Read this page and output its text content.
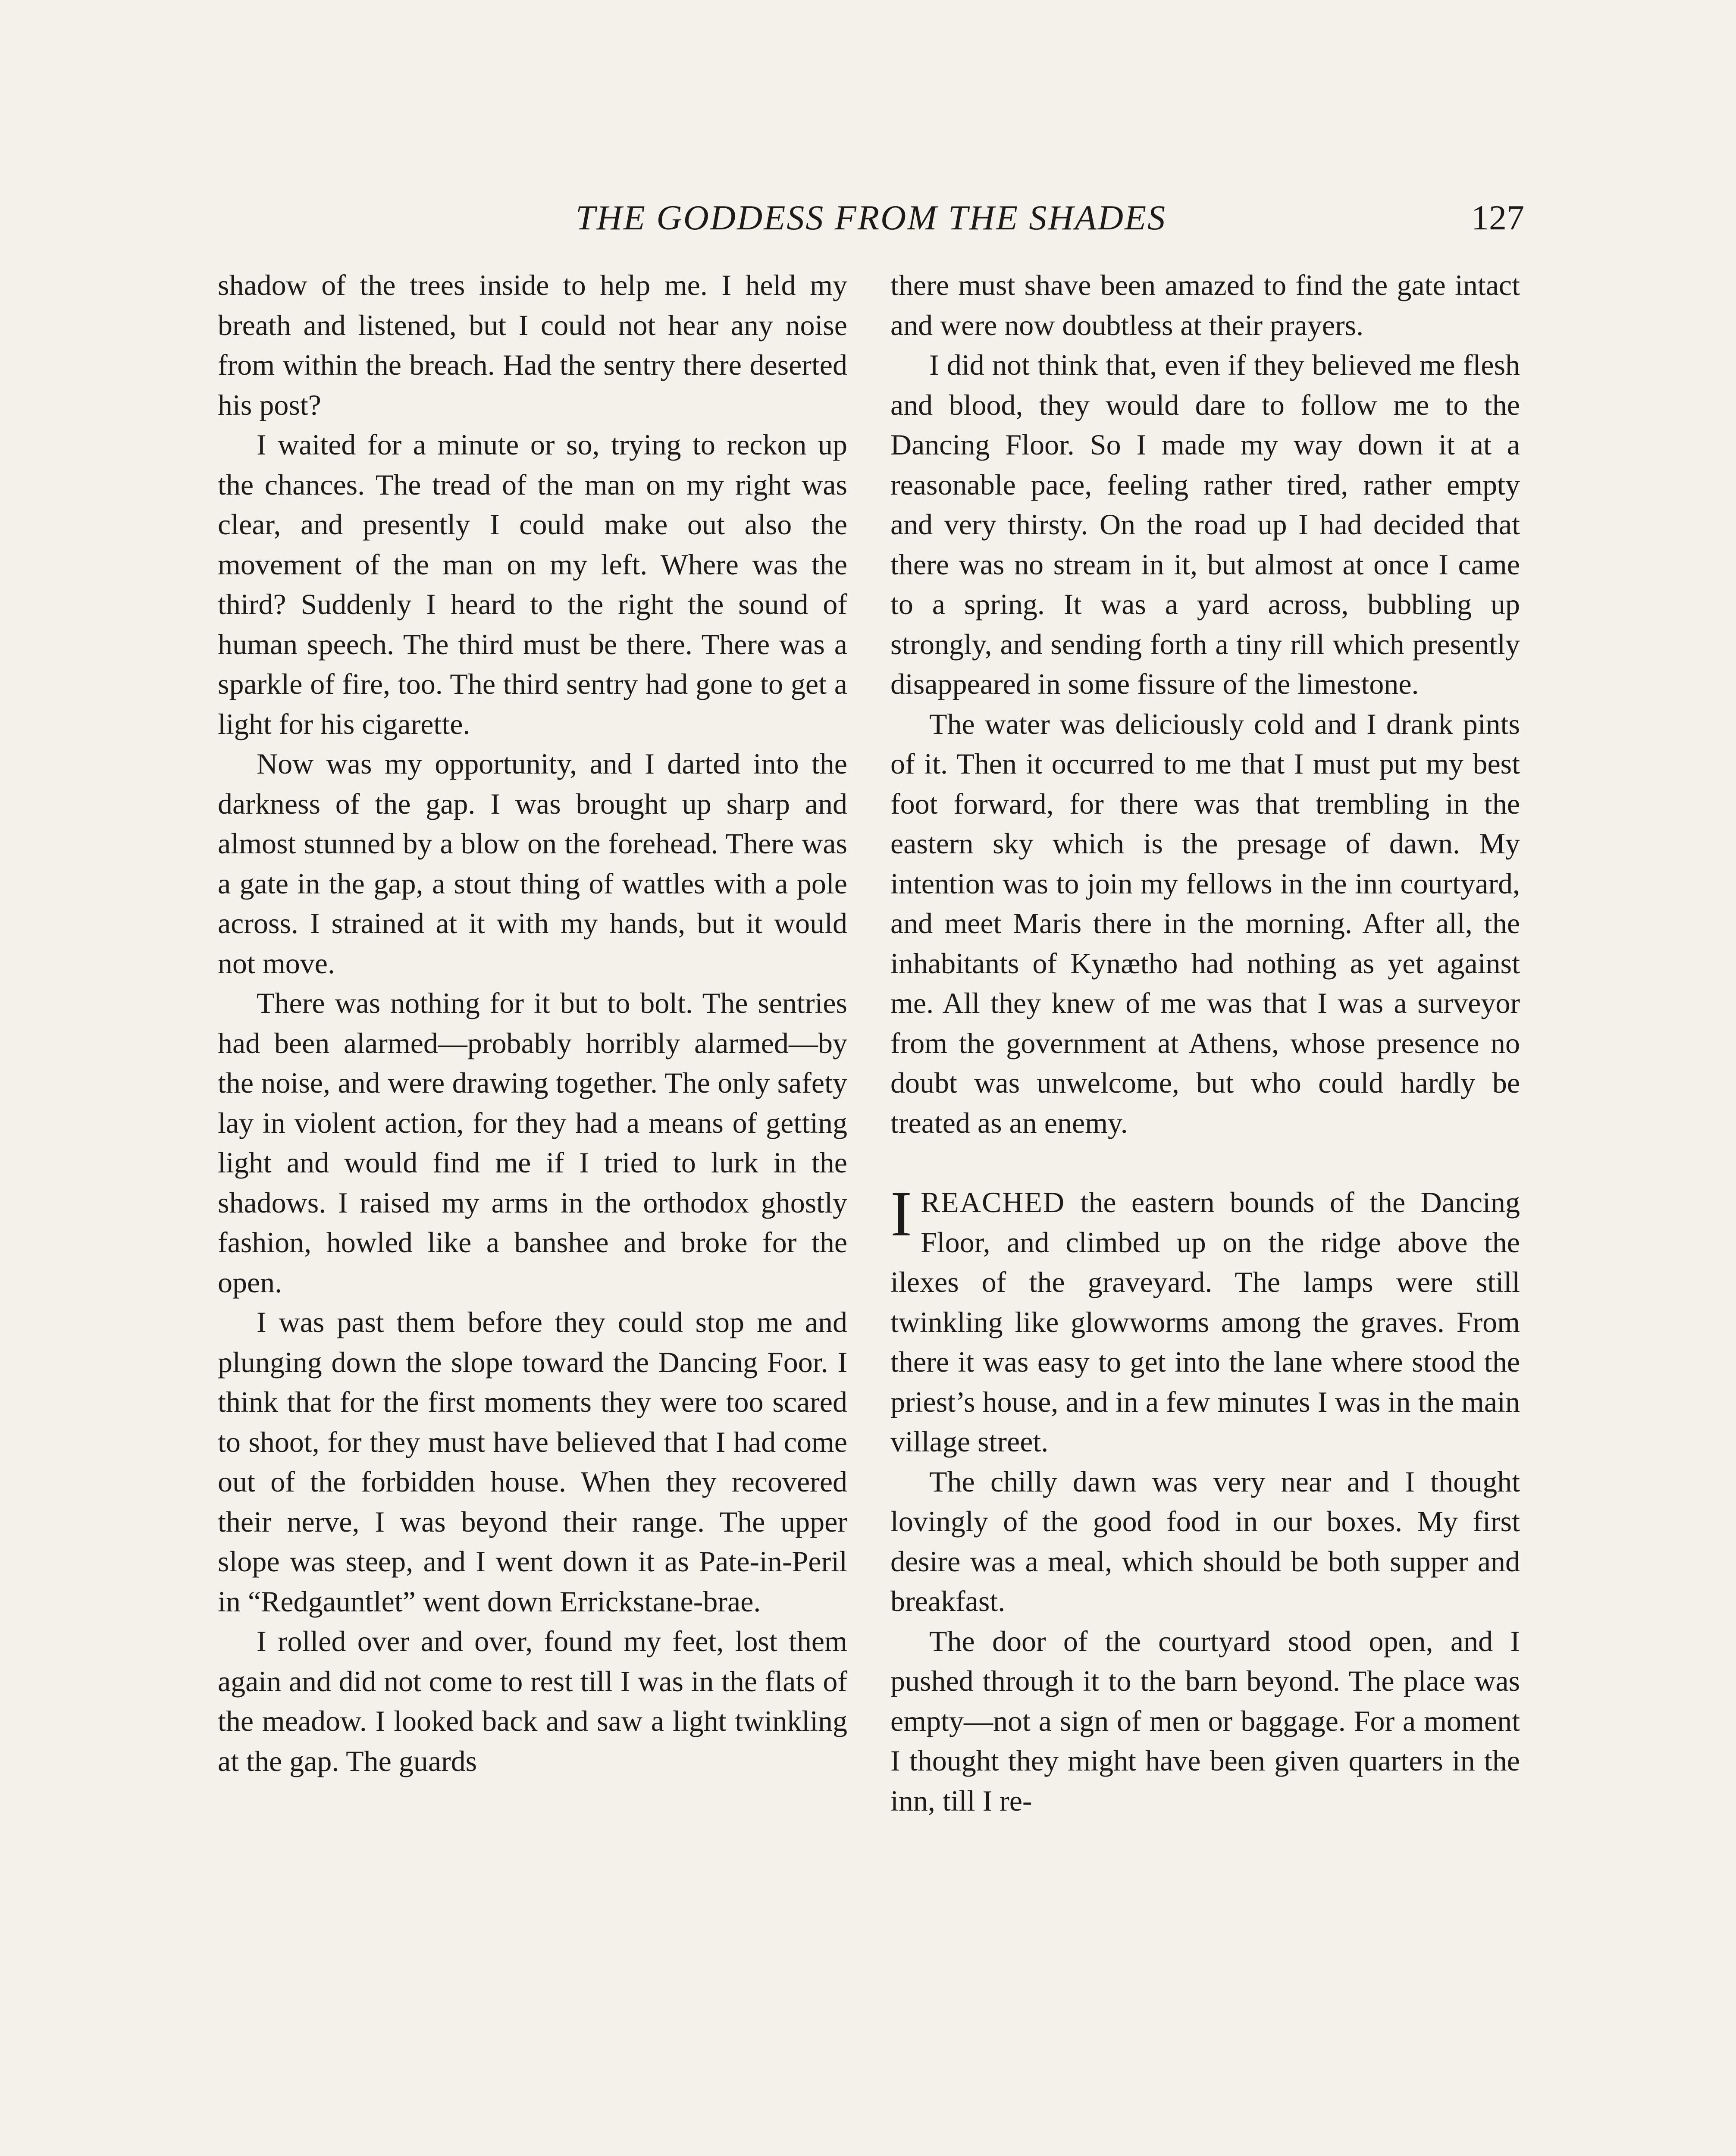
THE GODDESS FROM THE SHADES	127

shadow of the trees inside to help me. I held my breath and listened, but I could not hear any noise from within the breach. Had the sentry there deserted his post?

I waited for a minute or so, trying to reckon up the chances. The tread of the man on my right was clear, and presently I could make out also the movement of the man on my left. Where was the third? Suddenly I heard to the right the sound of human speech. The third must be there. There was a sparkle of fire, too. The third sentry had gone to get a light for his cigarette.

Now was my opportunity, and I darted into the darkness of the gap. I was brought up sharp and almost stunned by a blow on the forehead. There was a gate in the gap, a stout thing of wattles with a pole across. I strained at it with my hands, but it would not move.

There was nothing for it but to bolt. The sentries had been alarmed—probably horribly alarmed—by the noise, and were drawing together. The only safety lay in violent action, for they had a means of getting light and would find me if I tried to lurk in the shadows. I raised my arms in the orthodox ghostly fashion, howled like a banshee and broke for the open.

I was past them before they could stop me and plunging down the slope toward the Dancing Foor. I think that for the first moments they were too scared to shoot, for they must have believed that I had come out of the forbidden house. When they recovered their nerve, I was beyond their range. The upper slope was steep, and I went down it as Pate-in-Peril in “Redgauntlet” went down Errickstane-brae.

I rolled over and over, found my feet, lost them again and did not come to rest till I was in the flats of the meadow. I looked back and saw a light twinkling at the gap. The guards

there must shave been amazed to find the gate intact and were now doubtless at their prayers.

I did not think that, even if they believed me flesh and blood, they would dare to follow me to the Dancing Floor. So I made my way down it at a reasonable pace, feeling rather tired, rather empty and very thirsty. On the road up I had decided that there was no stream in it, but almost at once I came to a spring. It was a yard across, bubbling up strongly, and sending forth a tiny rill which presently disappeared in some fissure of the limestone.

The water was deliciously cold and I drank pints of it. Then it occurred to me that I must put my best foot forward, for there was that trembling in the eastern sky which is the presage of dawn. My intention was to join my fellows in the inn courtyard, and meet Maris there in the morning. After all, the inhabitants of Kynætho had nothing as yet against me. All they knew of me was that I was a surveyor from the government at Athens, whose presence no doubt was unwelcome, but who could hardly be treated as an enemy.

IREACHED the eastern bounds of the Dancing Floor, and climbed up on the ridge above the ilexes of the graveyard. The lamps were still twinkling like glowworms among the graves. From there it was easy to get into the lane where stood the priest’s house, and in a few minutes I was in the main village street.

The chilly dawn was very near and I thought lovingly of the good food in our boxes. My first desire was a meal, which should be both supper and breakfast.

The door of the courtyard stood open, and I pushed through it to the barn beyond. The place was empty—not a sign of men or baggage. For a moment I thought they might have been given quarters in the inn, till I re-
